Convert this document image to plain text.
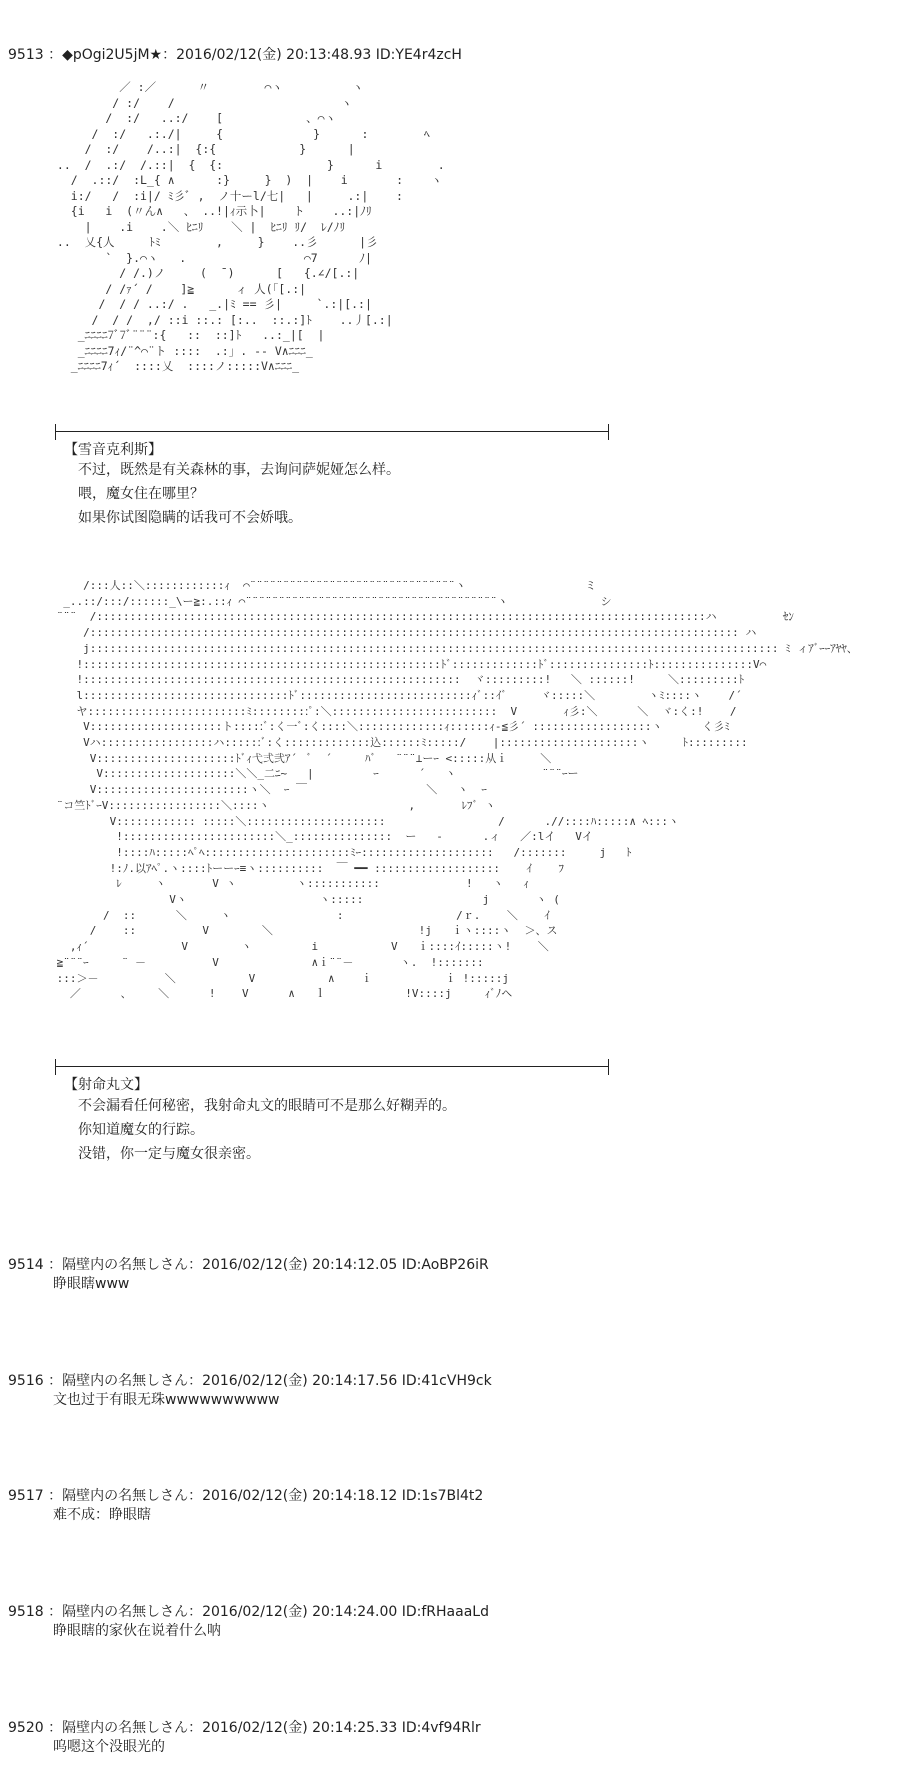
9513 ：◆pOgi2U5jM★：2016/02/12(金) 20:13:48.93 ID:YE4r4zcH
／ :／      〃        ⌒ヽ          ヽ
/ :/    /                        ヽ
/  :/   ..:/    [            、⌒ヽ
/  :/   .:./|     {             }      :        ﾍ
/  :/    /..:|  {:{            }      |
..  /  .:/  /.::|  {  {:               }      i        .
/  .::/  :L_{ ∧      :}     }  )  |    i       :    ヽ
i:/   /  :i|/ ﾐ彡ﾞ ,  ノ十ーl/七|   |     .:|    :
{i   i  (〃ん∧   、 ..!|ｨ示卜|    ト    ..:|ﾉﾘ
|    .i    .＼ ﾋﾆﾘ    ＼ |  ﾋﾆﾘ ﾘ/  ﾚ/ﾉﾘ
..  乂{人     ﾄﾐ        ,     }    ..彡      |彡
`  }.⌒ヽ   .                 ⌒7      ﾉ|
/ /.)ノ     (  ̄ )      [   {.∠/[.:|
/ /ｧ´ /    ]≧      ィ 人(「[.:|
/  / / ..:/ .   _.|ﾐ == 彡|     `.:|[.:|
/  / /  ,/ ::i ::.: [:..  ::.:]ﾄ    ..丿[.:|
_ﾆﾆﾆﾆ7ﾞ7ﾞ¨¨¨:{   ::  ::]ﾄ   ..:_|[  |
_ﾆﾆﾆﾆ7ｨ/¨^⌒¨ト ::::  .:」. -- V∧ﾆﾆﾆ_
_ﾆﾆﾆﾆ7ｨ´  ::::乂  ::::ノ:::::V∧ﾆﾆﾆ_
【雪音克利斯】
不过，既然是有关森林的事，去询问萨妮娅怎么样。
喂，魔女住在哪里？
如果你试图隐瞒的话我可不会娇哦。
/:::人::＼::::::::::::ｨ  ⌒¨¨¨¨¨¨¨¨¨¨¨¨¨¨¨¨¨¨¨¨¨¨¨¨¨¨¨¨¨¨¨ヽ                  ミ
_..::/:::/::::::_\ー≧:.::ｨ ⌒¨¨¨¨¨¨¨¨¨¨¨¨¨¨¨¨¨¨¨¨¨¨¨¨¨¨¨¨¨¨¨¨¨¨¨¨¨¨ヽ              シ
¨¨¨  /::::::::::::::::::::::::::::::::::::::::::::::::::::::::::::::::::::::::::::::::::::::::::::ハ          ｾﾝ
/:::::::::::::::::::::::::::::::::::::::::::::::::::::::::::::::::::::::::::::::::::::::::::::::::: ハ
j:::::::::::::::::::::::::::::::::::::::::::::::::::::::::::::::::::::::::::::::::::::::::::::::::::::::: ﾐ ィｱﾞｰｰｱﾔﾔ、
!::::::::::::::::::::::::::::::::::::::::::::::::::::::ﾄﾞ:::::::::::::ﾄﾞ:::::::::::::::ﾄ:::::::::::::::V⌒
!:::::::::::::::::::::::::::::::::::::::::::::::::::::::::  ヾ:::::::::!   ＼ ::::::!     ＼:::::::::ﾄ
l:::::::::::::::::::::::::::::::ﾄﾞ::::::::::::::::::::::::::ｨﾞ::ｲﾞ     ヾ:::::＼        ヽﾐ::::ヽ    /´
ヤ::::::::::::::::::::::::ﾐ:::::::::ﾟ:＼:::::::::::::::::::::::::  V       ｨ彡:＼      ＼  ヾ:く:!    /
V::::::::::::::::::::ト:::::ﾞ:く一ﾞ:く::::＼:::::::::::::ｨ::::::ｨ-≦彡´ ::::::::::::::::::ヽ      く彡ﾐ
Vハ:::::::::::::::::ハ::::::ﾞ:く:::::::::::::込::::::ﾐ:::::/    |:::::::::::::::::::::ヽ     ﾄ:::::::::
V:::::::::::::::::::::ﾄﾞｨ弋弍弐ｱ´  ﾞ  ´     ﾊﾞ   ¨¨¨⊥ーｰ <:::::从ｉ     ＼
V::::::::::::::::::::＼＼_二ﾆ~   |         ｰ      ´   ヽ             ¨¨¨ｰー
V:::::::::::::::::::::::ヽ＼  ｰ ￣                  ＼   ヽ  ｰ
¨コ竺ﾄﾞｰV:::::::::::::::::＼::::ヽ                     ,       ﾚﾌﾞ ヽ
V:::::::::::: :::::＼:::::::::::::::::::::                 /      .//::::ﾊ:::::∧ ﾍ:::ヽ
!:::::::::::::::::::::::＼_:::::::::::::::  ー   -      .ィ   ／:lイ   Vイ
!::::ﾊ:::::ﾍﾟﾍ::::::::::::::::::::::ﾐｰ::::::::::::::::::::   /:::::::     j   ﾄ
!:ﾉ.以ｱﾍﾟ.ヽ::::ﾄーーｰ≡ヽ::::::::::  ￣ ━━ :::::::::::::::::::    ｲ    ﾌ
ﾚ     ヽ       V ヽ         ヽ:::::::::::             !   ヽ   ｨ
Vヽ                    ヽ:::::                  j       ヽ (
/  ::      ＼     ヽ                :                 /ｒ.    ＼    ｲ
/    ::          V        ＼                      !j   ｉヽ::::ヽ  ＞、ス
,ｨ´              V        ヽ         i           V   ｉ::::ｲ:::::ヽ!    ＼
≧¨¨¨ｰ     ¨ －          V              ∧ｉ¨¨－       ヽ.  !:::::::
:::＞－          ＼           V           ∧    ｉ           ｉ !:::::j
／      、    ＼      !    V      ∧   ｌ            !V::::j     ｨﾞﾉヘ
【射命丸文】
不会漏看任何秘密，我射命丸文的眼睛可不是那么好糊弄的。
你知道魔女的行踪。
没错，你一定与魔女很亲密。
9514 ：隔壁内の名無しさん：2016/02/12(金) 20:14:12.05 ID:AoBP26iR
睁眼瞎www
9516 ：隔壁内の名無しさん：2016/02/12(金) 20:14:17.56 ID:41cVH9ck
文也过于有眼无珠wwwwwwwwww
9517 ：隔壁内の名無しさん：2016/02/12(金) 20:14:18.12 ID:1s7Bl4t2
难不成：睁眼瞎
9518 ：隔壁内の名無しさん：2016/02/12(金) 20:14:24.00 ID:fRHaaaLd
睁眼瞎的家伙在说着什么呐
9520 ：隔壁内の名無しさん：2016/02/12(金) 20:14:25.33 ID:4vf94Rlr
呜嗯这个没眼光的
